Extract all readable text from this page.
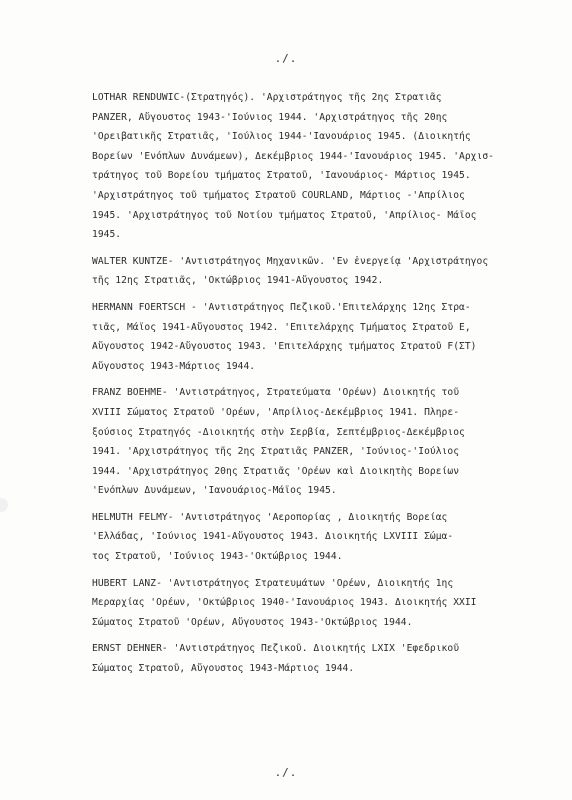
./.
LOTHAR RENDUWIC-(Στρατηγός). 'Αρχιστράτηγος τῆς 2ης Στρατιᾶς
PANZER, Αὔγουστος 1943-'Ιούνιος 1944. 'Αρχιστράτηγος τῆς 20ης
'Ορειβατικῆς Στρατιᾶς, 'Ιούλιος 1944-'Ιανουάριος 1945. (Διοικητής
Βορείων 'Ενόπλων Δυνάμεων), Δεκέμβριος 1944-'Ιανουάριος 1945. 'Αρχισ-
τράτηγος τοῦ Βορείου τμήματος Στρατοῦ, 'Ιανουάριος- Μάρτιος 1945.
'Αρχιστράτηγος τοῦ τμήματος Στρατοῦ COURLAND, Μάρτιος -'Απρίλιος
1945. 'Αρχιστράτηγος τοῦ Νοτίου τμήματος Στρατοῦ, 'Απρίλιος- Μάϊος
1945.
WALTER KUNTZE- 'Αντιστράτηγος Μηχανικῶν. 'Εν ἐνεργείᾳ 'Αρχιστράτηγος
τῆς 12ης Στρατιᾶς, 'Οκτώβριος 1941-Αὔγουστος 1942.
HERMANN FOERTSCH - 'Αντιστράτηγος Πεζικοῦ.'Επιτελάρχης 12ης Στρα-
τιᾶς, Μάϊος 1941-Αὔγουστος 1942. 'Επιτελάρχης Τμήματος Στρατοῦ Ε,
Αὔγουστος 1942-Αὔγουστος 1943. 'Επιτελάρχης τμήματος Στρατοῦ F(ΣΤ)
Αὔγουστος 1943-Μάρτιος 1944.
FRANZ BOEHME- 'Αντιστράτηγος, Στρατεύματα 'Ορέων) Διοικητής τοῦ
XVIII Σώματος Στρατοῦ 'Ορέων, 'Απρίλιος-Δεκέμβριος 1941. Πληρε-
ξούσιος Στρατηγός -Διοικητής στὴν Σερβία, Σεπτέμβριος-Δεκέμβριος
1941. 'Αρχιστράτηγος τῆς 2ης Στρατιᾶς PANZER, 'Ιούνιος-'Ιούλιος
1944. 'Αρχιστράτηγος 20ης Στρατιᾶς 'Ορέων καὶ Διοικητὴς Βορείων
'Ενόπλων Δυνάμεων, 'Ιανουάριος-Μάϊος 1945.
HELMUTH FELMY- 'Αντιστράτηγος 'Αεροπορίας , Διοικητής Βορείας
'Ελλάδας, 'Ιούνιος 1941-Αὔγουστος 1943. Διοικητής LXVIII Σώμα-
τος Στρατοῦ, 'Ιούνιος 1943-'Οκτώβριος 1944.
HUBERT LANZ- 'Αντιστράτηγος Στρατευμάτων 'Ορέων, Διοικητής 1ης
Μεραρχίας 'Ορέων, 'Οκτώβριος 1940-'Ιανουάριος 1943. Διοικητής XXII
Σώματος Στρατοῦ 'Ορέων, Αὔγουστος 1943-'Οκτώβριος 1944.
ERNST DEHNER- 'Αντιστράτηγος Πεζικοῦ. Διοικητής LXIX 'Εφεδρικοῦ
Σώματος Στρατοῦ, Αὔγουστος 1943-Μάρτιος 1944.
./.
